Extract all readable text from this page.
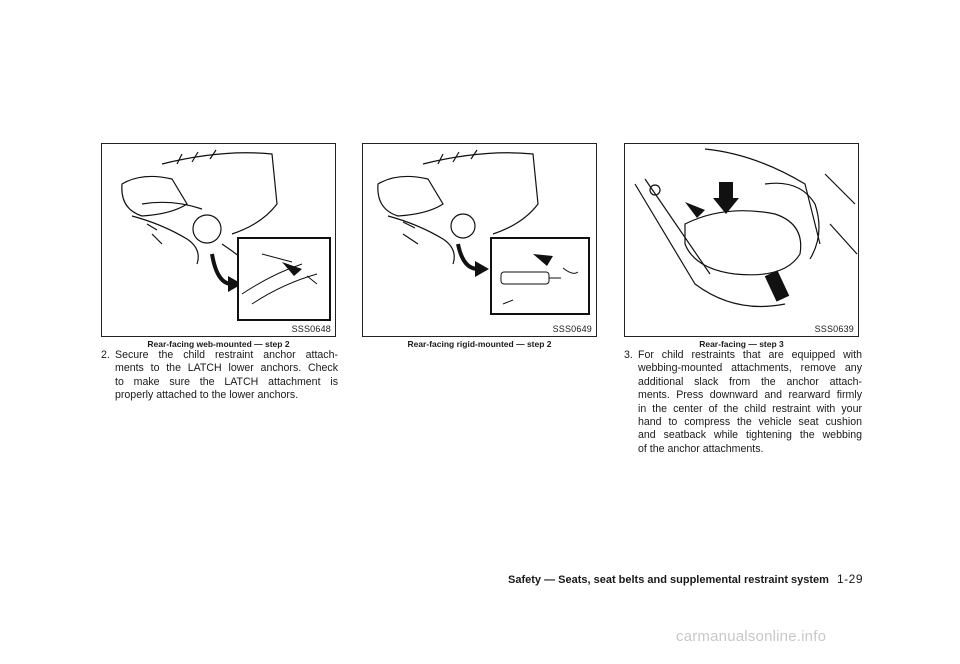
SSS0648
Rear-facing web-mounted — step 2
SSS0649
Rear-facing rigid-mounted — step 2
SSS0639
Rear-facing — step 3
2. Secure the child restraint anchor attach-
ments to the LATCH lower anchors. Check
to make sure the LATCH attachment is
properly attached to the lower anchors.
3. For child restraints that are equipped with
webbing-mounted attachments, remove any
additional slack from the anchor attach-
ments. Press downward and rearward firmly
in the center of the child restraint with your
hand to compress the vehicle seat cushion
and seatback while tightening the webbing
of the anchor attachments.
Safety — Seats, seat belts and supplemental restraint system 1-29
carmanualsonline.info
